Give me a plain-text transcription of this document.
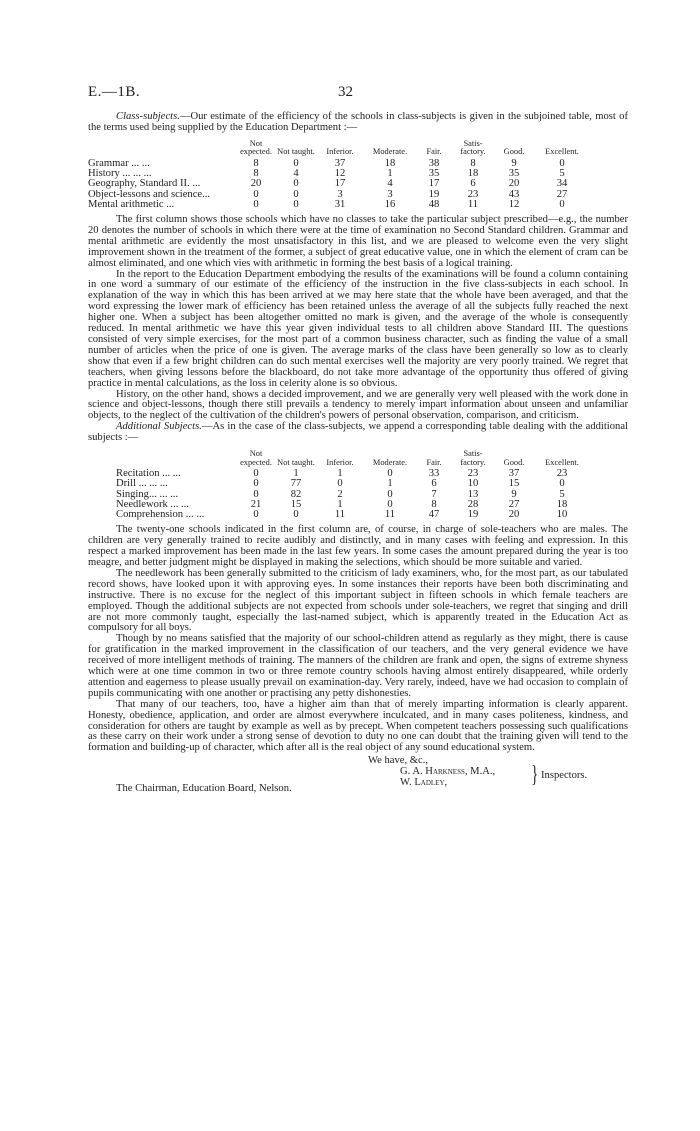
E.—1B.	32

Class-subjects.—Our estimate of the efficiency of the schools in class-subjects is given in the subjoined table, most of the terms used being supplied by the Education Department :—

	Not expected.	Not taught.	Inferior.	Moderate.	Fair.	Satis-factory.	Good.	Excellent.
Grammar ... ...	8	0	37	18	38	8	9	0
History ... ... ...	8	4	12	1	35	18	35	5
Geography, Standard II. ...	20	0	17	4	17	6	20	34
Object-lessons and science...	0	0	3	3	19	23	43	27
Mental arithmetic ...	0	0	31	16	48	11	12	0

The first column shows those schools which have no classes to take the particular subject prescribed—e.g., the number 20 denotes the number of schools in which there were at the time of examination no Second Standard children. Grammar and mental arithmetic are evidently the most unsatisfactory in this list, and we are pleased to welcome even the very slight improvement shown in the treatment of the former, a subject of great educative value, one in which the element of cram can be almost eliminated, and one which vies with arithmetic in forming the best basis of a logical training.

In the report to the Education Department embodying the results of the examinations will be found a column containing in one word a summary of our estimate of the efficiency of the instruction in the five class-subjects in each school. In explanation of the way in which this has been arrived at we may here state that the whole have been averaged, and that the word expressing the lower mark of efficiency has been retained unless the average of all the subjects fully reached the next higher one. When a subject has been altogether omitted no mark is given, and the average of the whole is consequently reduced. In mental arithmetic we have this year given individual tests to all children above Standard III. The questions consisted of very simple exercises, for the most part of a common business character, such as finding the value of a small number of articles when the price of one is given. The average marks of the class have been generally so low as to clearly show that even if a few bright children can do such mental exercises well the majority are very poorly trained. We regret that teachers, when giving lessons before the blackboard, do not take more advantage of the opportunity thus offered of giving practice in mental calculations, as the loss in celerity alone is so obvious.

History, on the other hand, shows a decided improvement, and we are generally very well pleased with the work done in science and object-lessons, though there still prevails a tendency to merely impart information about unseen and unfamiliar objects, to the neglect of the cultivation of the children's powers of personal observation, comparison, and criticism.

Additional Subjects.—As in the case of the class-subjects, we append a corresponding table dealing with the additional subjects :—

	Not expected.	Not taught.	Inferior.	Moderate.	Fair.	Satis-factory.	Good.	Excellent.
Recitation ... ...	0	1	1	0	33	23	37	23
Drill ... ... ...	0	77	0	1	6	10	15	0
Singing... ... ...	0	82	2	0	7	13	9	5
Needlework ... ...	21	15	1	0	8	28	27	18
Comprehension ... ...	0	0	11	11	47	19	20	10

The twenty-one schools indicated in the first column are, of course, in charge of sole-teachers who are males. The children are very generally trained to recite audibly and distinctly, and in many cases with feeling and expression. In this respect a marked improvement has been made in the last few years. In some cases the amount prepared during the year is too meagre, and better judgment might be displayed in making the selections, which should be more suitable and varied.

The needlework has been generally submitted to the criticism of lady examiners, who, for the most part, as our tabulated record shows, have looked upon it with approving eyes. In some instances their reports have been both discriminating and instructive. There is no excuse for the neglect of this important subject in fifteen schools in which female teachers are employed. Though the additional subjects are not expected from schools under sole-teachers, we regret that singing and drill are not more commonly taught, especially the last-named subject, which is apparently treated in the Education Act as compulsory for all boys.

Though by no means satisfied that the majority of our school-children attend as regularly as they might, there is cause for gratification in the marked improvement in the classification of our teachers, and the very general evidence we have received of more intelligent methods of training. The manners of the children are frank and open, the signs of extreme shyness which were at one time common in two or three remote country schools having almost entirely disappeared, while orderly attention and eagerness to please usually prevail on examination-day. Very rarely, indeed, have we had occasion to complain of pupils communicating with one another or practising any petty dishonesties.

That many of our teachers, too, have a higher aim than that of merely imparting information is clearly apparent. Honesty, obedience, application, and order are almost everywhere inculcated, and in many cases politeness, kindness, and consideration for others are taught by example as well as by precept. When competent teachers possessing such qualifications as these carry on their work under a strong sense of devotion to duty no one can doubt that the training given will tend to the formation and building-up of character, which after all is the real object of any sound educational system.

We have, &c.,
G. A. Harkness, M.A.,
W. Ladley,	} Inspectors.
The Chairman, Education Board, Nelson.
